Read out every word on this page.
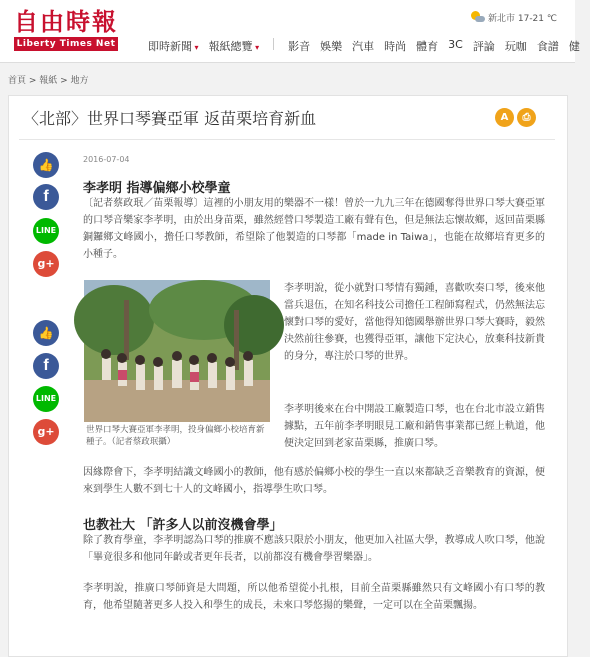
自由時報
Liberty Times Net
新北市 17-21 ℃
即時新聞 ▾	報紙總覽 ▾	影音 娛樂 汽車 時尚 體育 3C 評論 玩咖 食譜 健
首頁 > 報紙 > 地方
〈北部〉世界口琴賽亞軍 返苗栗培育新血	A	⎙
👍
f
LINE
g+
👍
f
LINE
g+
2016-07-04
李孝明 指導偏鄉小校學童
〔記者蔡政珉／苗栗報導〕這裡的小朋友用的樂器不一樣！曾於一九九三年在德國奪得世界口琴大賽亞軍的口琴音樂家李孝明，由於出身苗栗，雖然經營口琴製造工廠有聲有色，但是無法忘懷故鄉，返回苗栗縣銅鑼鄉文峰國小，擔任口琴教師，希望除了他製造的口琴都「made in Taiwa」，也能在故鄉培育更多的小種子。
世界口琴大賽亞軍李孝明，投身偏鄉小校培育新種子。（記者蔡政珉攝）
李孝明說，從小就對口琴情有獨鍾，喜歡吹奏口琴，後來他當兵退伍，在知名科技公司擔任工程師寫程式，仍然無法忘懷對口琴的愛好，當他得知德國舉辦世界口琴大賽時，毅然決然前往參賽，也獲得亞軍，讓他下定決心，放棄科技新貴的身分，專注於口琴的世界。
李孝明後來在台中開設工廠製造口琴，也在台北市設立銷售據點，五年前李孝明眼見工廠和銷售事業都已經上軌道，他便決定回到老家苗栗縣，推廣口琴。
因緣際會下，李孝明結識文峰國小的教師，他有感於偏鄉小校的學生一直以來都缺乏音樂教育的資源，便來到學生人數不到七十人的文峰國小，指導學生吹口琴。
也教社大 「許多人以前沒機會學」
除了教育學童，李孝明認為口琴的推廣不應該只限於小朋友，他更加入社區大學，教導成人吹口琴，他說「畢竟很多和他同年齡或者更年長者，以前都沒有機會學習樂器」。
李孝明說，推廣口琴師資是大問題，所以他希望從小扎根，目前全苗栗縣雖然只有文峰國小有口琴的教育，他希望隨著更多人投入和學生的成長，未來口琴悠揚的樂聲，一定可以在全苗栗飄揚。
